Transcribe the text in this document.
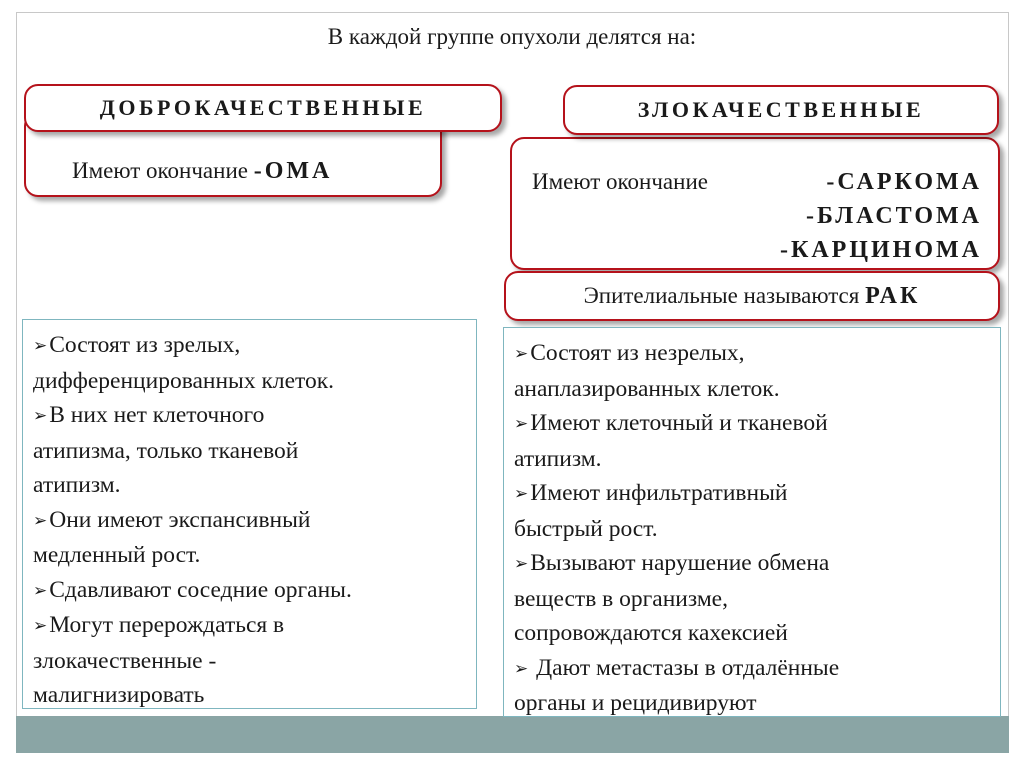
В каждой группе опухоли делятся на:
Имеют окончание -ОМА
ДОБРОКАЧЕСТВЕННЫЕ
Имеют окончание	-САРКОМА
-БЛАСТОМА
-КАРЦИНОМА
ЗЛОКАЧЕСТВЕННЫЕ
Эпителиальные называются
РАК
➢Состоят из зрелых,
дифференцированных клеток.
➢В них нет клеточного
атипизма, только тканевой
атипизм.
➢Они имеют экспансивный
медленный рост.
➢Сдавливают соседние органы.
➢Могут перерождаться в
злокачественные -
малигнизировать
➢Состоят из незрелых,
анаплазированных клеток.
➢Имеют клеточный и тканевой
атипизм.
➢Имеют инфильтративный
быстрый рост.
➢Вызывают нарушение обмена
веществ в организме,
сопровождаются кахексией
➢ Дают метастазы в отдалённые
органы и рецидивируют
